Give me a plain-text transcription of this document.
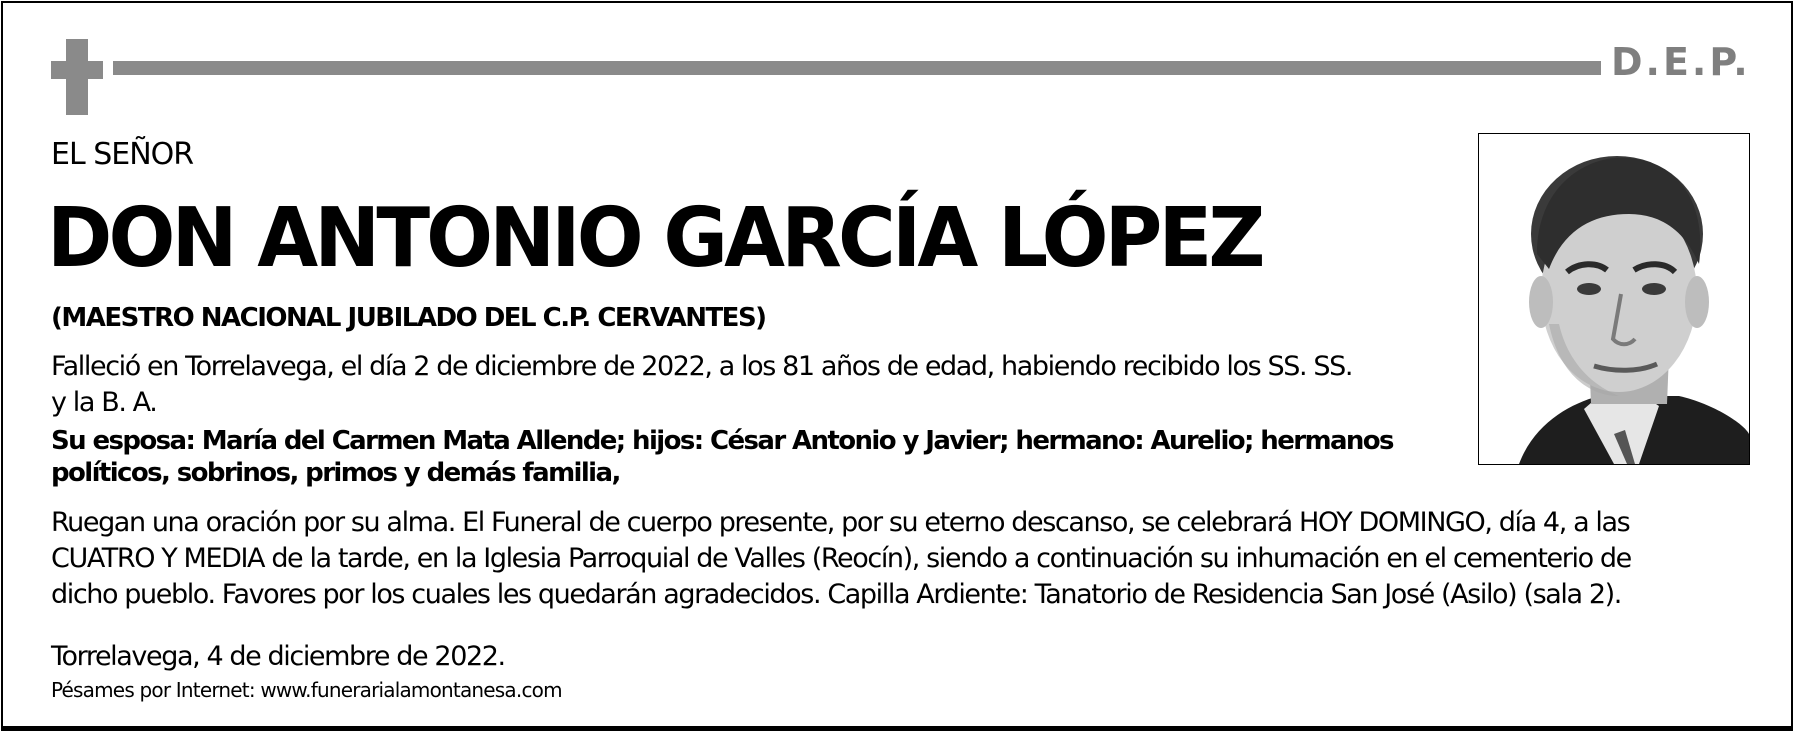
D.E.P.
EL SEÑOR
DON ANTONIO GARCÍA LÓPEZ
(MAESTRO NACIONAL JUBILADO DEL C.P. CERVANTES)
Falleció en Torrelavega, el día 2 de diciembre de 2022, a los 81 años de edad, habiendo recibido los SS. SS.
y la B. A.
Su esposa: María del Carmen Mata Allende; hijos: César Antonio y Javier; hermano: Aurelio; hermanos
políticos, sobrinos, primos y demás familia,
Ruegan una oración por su alma. El Funeral de cuerpo presente, por su eterno descanso, se celebrará HOY DOMINGO, día 4, a las
CUATRO Y MEDIA de la tarde, en la Iglesia Parroquial de Valles (Reocín), siendo a continuación su inhumación en el cementerio de
dicho pueblo. Favores por los cuales les quedarán agradecidos. Capilla Ardiente: Tanatorio de Residencia San José (Asilo) (sala 2).
Torrelavega, 4 de diciembre de 2022.
Pésames por Internet: www.funerarialamontanesa.com
